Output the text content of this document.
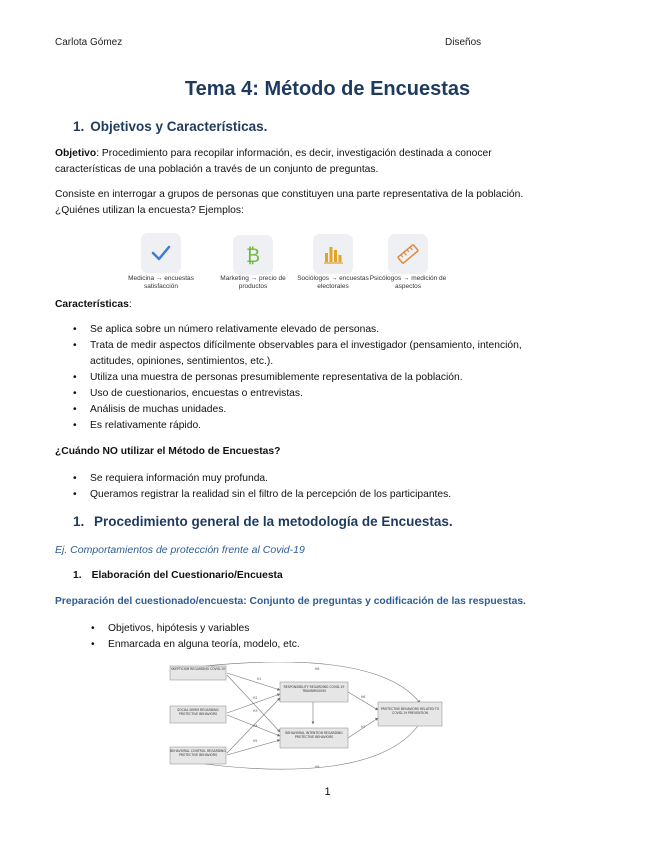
Carlota Gómez	Diseños
Tema 4: Método de Encuestas
1. Objetivos y Características.

Objetivo: Procedimiento para recopilar información, es decir, investigación destinada a conocer características de una población a través de un conjunto de preguntas.

Consiste en interrogar a grupos de personas que constituyen una parte representativa de la población.

¿Quiénes utilizan la encuesta? Ejemplos:

Medicina → encuestas satisfacción
₿
Marketing → precio de productos
Sociólogos → encuestas electorales
Psicólogos → medición de aspectos

Características:

• Se aplica sobre un número relativamente elevado de personas.
• Trata de medir aspectos difícilmente observables para el investigador (pensamiento, intención, actitudes, opiniones, sentimientos, etc.).
• Utiliza una muestra de personas presumiblemente representativa de la población.
• Uso de cuestionarios, encuestas o entrevistas.
• Análisis de muchas unidades.
• Es relativamente rápido.

¿Cuándo NO utilizar el Método de Encuestas?

• Se requiera información muy profunda.
• Queramos registrar la realidad sin el filtro de la percepción de los participantes.
1. Procedimiento general de la metodología de Encuestas.

Ej. Comportamientos de protección frente al Covid-19

1. Elaboración del Cuestionario/Encuesta

Preparación del cuestionado/encuesta: Conjunto de preguntas y codificación de las respuestas.

• Objetivos, hipótesis y variables
• Enmarcada en alguna teoría, modelo, etc.
H1
H2
H3
H4
H5
H6
H7
H8
H9
SKEPTICISM REGARDING COVID-19
SOCIAL NORM REGARDING PROTECTIVE BEHAVIORS
BEHAVIORAL CONTROL REGARDING PROTECTIVE BEHAVIORS
RESPONSIBILITY REGARDING COVID-19 TRANSMISSION
BEHAVIORAL INTENTION REGARDING PROTECTIVE BEHAVIORS
PROTECTIVE BEHAVIORS RELATED TO COVID-19 PREVENTION
1
